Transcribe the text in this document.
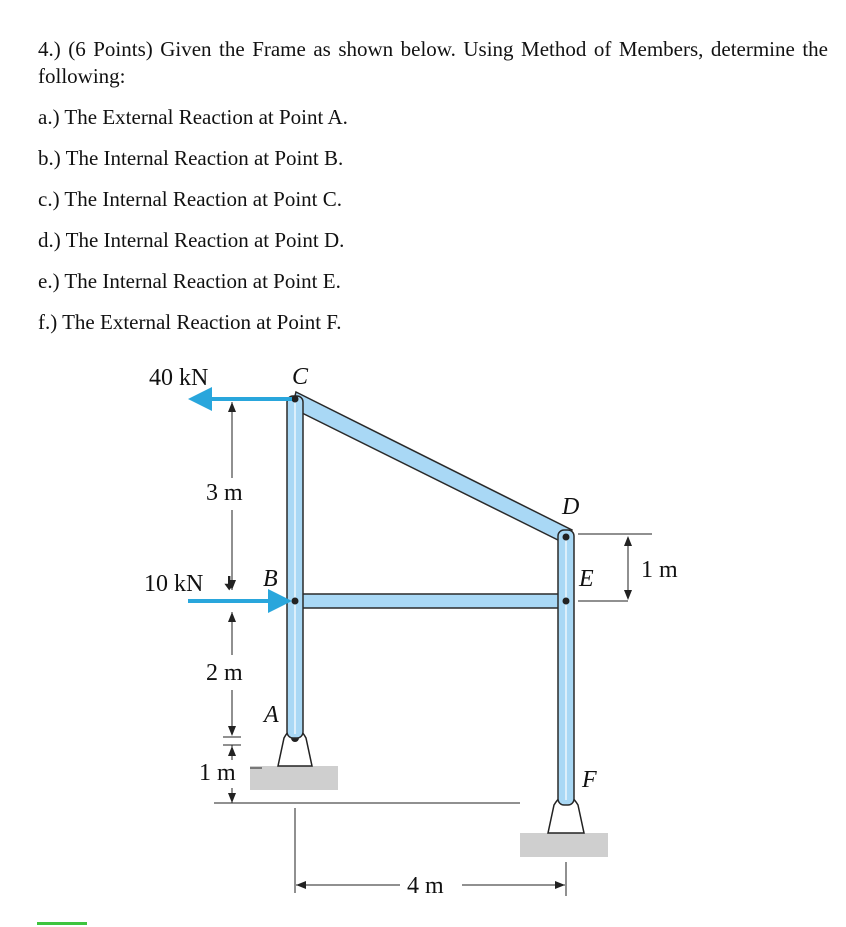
4.) (6 Points) Given the Frame as shown below. Using Method of Members, determine the following:

a.) The External Reaction at Point A.

b.) The Internal Reaction at Point B.

c.) The Internal Reaction at Point C.

d.) The Internal Reaction at Point D.

e.) The Internal Reaction at Point E.

f.) The External Reaction at Point F.

40 kN
10 kN
C
B
A
D
E
F
3 m
2 m
1 m
1 m
4 m
